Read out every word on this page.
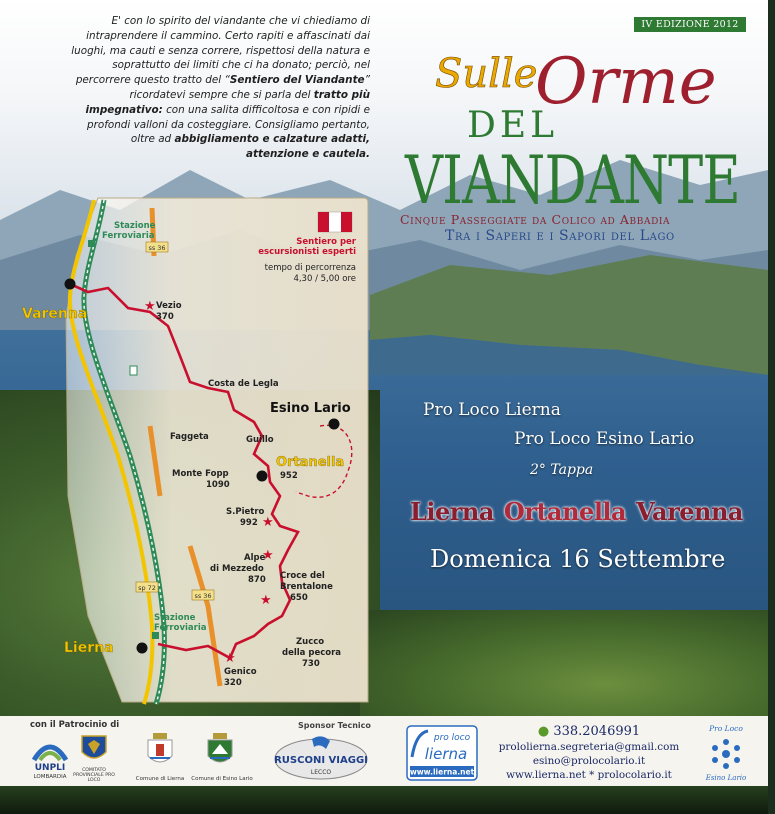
E' con lo spirito del viandante che vi chiediamo di intraprendere il cammino. Certo rapiti e affascinati dai luoghi, ma cauti e senza correre, rispettosi della natura e soprattutto dei limiti che ci ha donato; perciò, nel percorrere questo tratto del “Sentiero del Viandante” ricordatevi sempre che si parla del tratto più impegnativo: con una salita difficoltosa e con ripidi e profondi valloni da costeggiare. Consigliamo pertanto, oltre ad abbigliamento e calzature adatti, attenzione e cautela.
IV EDIZIONE 2012
Sulle
Orme
DEL
VIANDANTE
Cinque Passeggiate da Colico ad Abbadia
Tra i Saperi e i Sapori del Lago
Pro Loco Lierna
Pro Loco Esino Lario
2° Tappa
Lierna Ortanella Varenna
Domenica 16 Settembre
★
★
★
★
★
ss 36
ss 36
sp 72
Stazione Ferroviaria
Stazione Ferroviaria
Sentiero per escursionisti esperti
tempo di percorrenza
4,30 / 5,00 ore
Varenna
Lierna
Esino Lario
Ortanella
Vezio 370
Costa de Legla
Faggeta	Guillo
Monte Fopp 1090
952
S.Pietro 992
Alpe di Mezzedo 870 Croce del Brentalone 650
Zucco della pecora 730
Genico 320
con il Patrocinio di
UNPLI
LOMBARDIA
COMITATO PROVINCIALE PRO LOCO	Comune di Lierna	Comune di Esino Lario
Sponsor Tecnico
RUSCONI VIAGGI
LECCO
pro loco
lierna
www.lierna.net
● 338.2046991
prololierna.segreteria@gmail.com
esino@prolocolario.it
www.lierna.net * prolocolario.it
Pro Loco
Esino Lario
